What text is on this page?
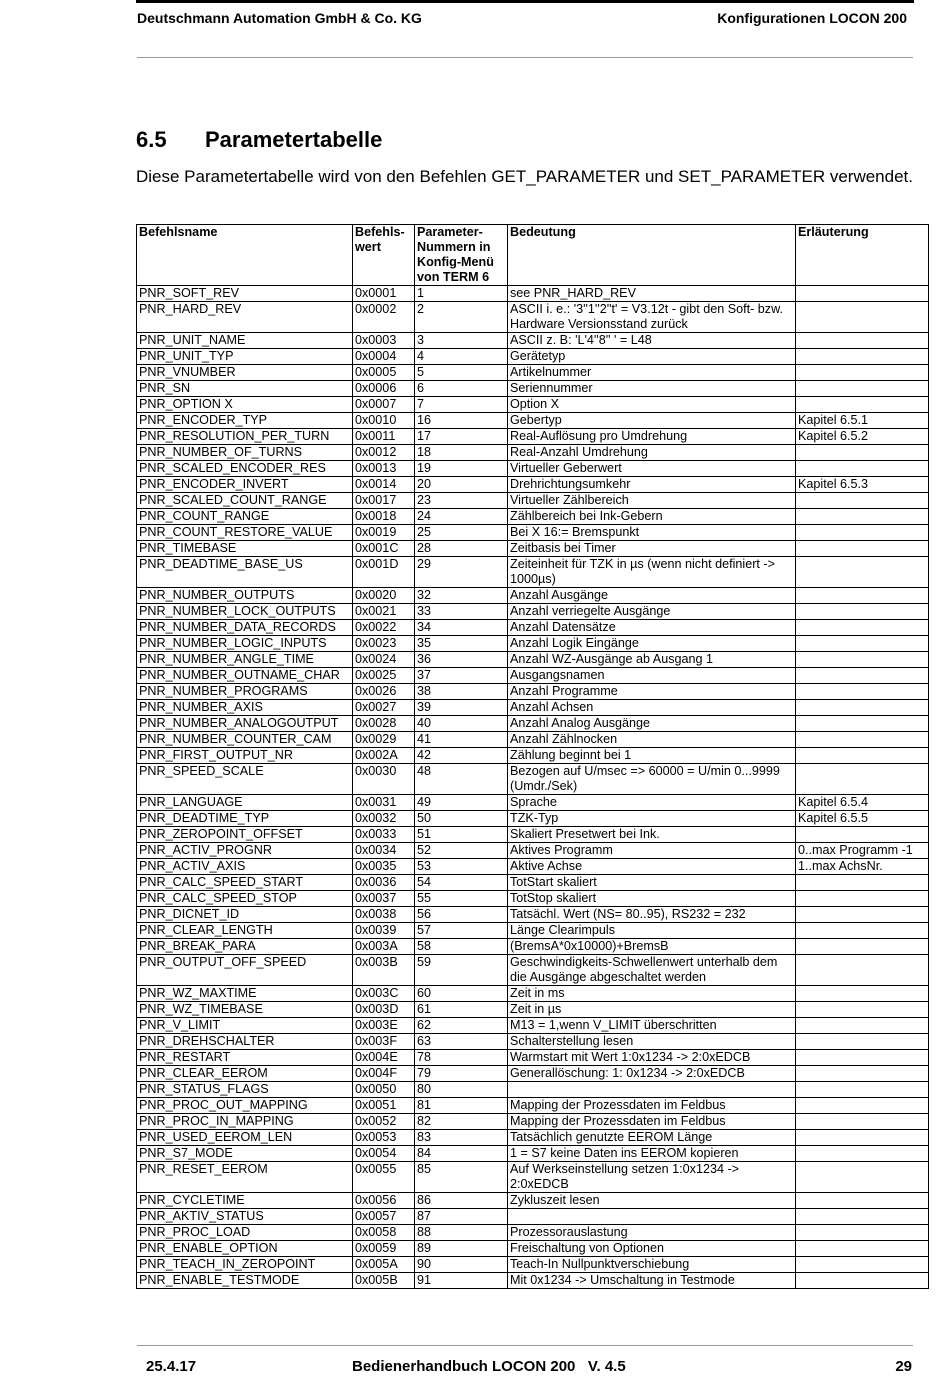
Deutschmann Automation GmbH & Co. KG	Konfigurationen LOCON 200
6.5 Parametertabelle
Diese Parametertabelle wird von den Befehlen GET_PARAMETER und SET_PARAMETER verwendet.
Befehlsname	Befehls-wert	Parameter-Nummern in Konfig-Menü von TERM 6	Bedeutung	Erläuterung
PNR_SOFT_REV	0x0001	1	see PNR_HARD_REV	
PNR_HARD_REV	0x0002	2	ASCII i. e.: '3''1''2''t' = V3.12t - gibt den Soft- bzw. Hardware Versionsstand zurück	
PNR_UNIT_NAME	0x0003	3	ASCII z. B: 'L'4''8'' ' = L48	
PNR_UNIT_TYP	0x0004	4	Gerätetyp	
PNR_VNUMBER	0x0005	5	Artikelnummer	
PNR_SN	0x0006	6	Seriennummer	
PNR_OPTION X	0x0007	7	Option X	
PNR_ENCODER_TYP	0x0010	16	Gebertyp	Kapitel 6.5.1
PNR_RESOLUTION_PER_TURN	0x0011	17	Real-Auflösung pro Umdrehung	Kapitel 6.5.2
PNR_NUMBER_OF_TURNS	0x0012	18	Real-Anzahl Umdrehung	
PNR_SCALED_ENCODER_RES	0x0013	19	Virtueller Geberwert	
PNR_ENCODER_INVERT	0x0014	20	Drehrichtungsumkehr	Kapitel 6.5.3
PNR_SCALED_COUNT_RANGE	0x0017	23	Virtueller Zählbereich	
PNR_COUNT_RANGE	0x0018	24	Zählbereich bei Ink-Gebern	
PNR_COUNT_RESTORE_VALUE	0x0019	25	Bei X 16:= Bremspunkt	
PNR_TIMEBASE	0x001C	28	Zeitbasis bei Timer	
PNR_DEADTIME_BASE_US	0x001D	29	Zeiteinheit für TZK in µs (wenn nicht definiert -> 1000µs)	
PNR_NUMBER_OUTPUTS	0x0020	32	Anzahl Ausgänge	
PNR_NUMBER_LOCK_OUTPUTS	0x0021	33	Anzahl verriegelte Ausgänge	
PNR_NUMBER_DATA_RECORDS	0x0022	34	Anzahl Datensätze	
PNR_NUMBER_LOGIC_INPUTS	0x0023	35	Anzahl Logik Eingänge	
PNR_NUMBER_ANGLE_TIME	0x0024	36	Anzahl WZ-Ausgänge ab Ausgang 1	
PNR_NUMBER_OUTNAME_CHAR	0x0025	37	Ausgangsnamen	
PNR_NUMBER_PROGRAMS	0x0026	38	Anzahl Programme	
PNR_NUMBER_AXIS	0x0027	39	Anzahl Achsen	
PNR_NUMBER_ANALOGOUTPUT	0x0028	40	Anzahl Analog Ausgänge	
PNR_NUMBER_COUNTER_CAM	0x0029	41	Anzahl Zählnocken	
PNR_FIRST_OUTPUT_NR	0x002A	42	Zählung beginnt bei 1	
PNR_SPEED_SCALE	0x0030	48	Bezogen auf U/msec => 60000 = U/min 0...9999 (Umdr./Sek)	
PNR_LANGUAGE	0x0031	49	Sprache	Kapitel 6.5.4
PNR_DEADTIME_TYP	0x0032	50	TZK-Typ	Kapitel 6.5.5
PNR_ZEROPOINT_OFFSET	0x0033	51	Skaliert Presetwert bei Ink.	
PNR_ACTIV_PROGNR	0x0034	52	Aktives Programm	0..max Programm -1
PNR_ACTIV_AXIS	0x0035	53	Aktive Achse	1..max AchsNr.
PNR_CALC_SPEED_START	0x0036	54	TotStart skaliert	
PNR_CALC_SPEED_STOP	0x0037	55	TotStop skaliert	
PNR_DICNET_ID	0x0038	56	Tatsächl. Wert (NS= 80..95), RS232 = 232	
PNR_CLEAR_LENGTH	0x0039	57	Länge Clearimpuls	
PNR_BREAK_PARA	0x003A	58	(BremsA*0x10000)+BremsB	
PNR_OUTPUT_OFF_SPEED	0x003B	59	Geschwindigkeits-Schwellenwert unterhalb dem die Ausgänge abgeschaltet werden	
PNR_WZ_MAXTIME	0x003C	60	Zeit in ms	
PNR_WZ_TIMEBASE	0x003D	61	Zeit in µs	
PNR_V_LIMIT	0x003E	62	M13 = 1,wenn V_LIMIT überschritten	
PNR_DREHSCHALTER	0x003F	63	Schalterstellung lesen	
PNR_RESTART	0x004E	78	Warmstart mit Wert 1:0x1234 -> 2:0xEDCB	
PNR_CLEAR_EEROM	0x004F	79	Generallöschung: 1: 0x1234 -> 2:0xEDCB	
PNR_STATUS_FLAGS	0x0050	80		
PNR_PROC_OUT_MAPPING	0x0051	81	Mapping der Prozessdaten im Feldbus	
PNR_PROC_IN_MAPPING	0x0052	82	Mapping der Prozessdaten im Feldbus	
PNR_USED_EEROM_LEN	0x0053	83	Tatsächlich genutzte EEROM Länge	
PNR_S7_MODE	0x0054	84	1 = S7 keine Daten ins EEROM kopieren	
PNR_RESET_EEROM	0x0055	85	Auf Werkseinstellung setzen 1:0x1234 -> 2:0xEDCB	
PNR_CYCLETIME	0x0056	86	Zykluszeit lesen	
PNR_AKTIV_STATUS	0x0057	87		
PNR_PROC_LOAD	0x0058	88	Prozessorauslastung	
PNR_ENABLE_OPTION	0x0059	89	Freischaltung von Optionen	
PNR_TEACH_IN_ZEROPOINT	0x005A	90	Teach-In Nullpunktverschiebung	
PNR_ENABLE_TESTMODE	0x005B	91	Mit 0x1234 -> Umschaltung in Testmode	
25.4.17	Bedienerhandbuch LOCON 200   V. 4.5	29
